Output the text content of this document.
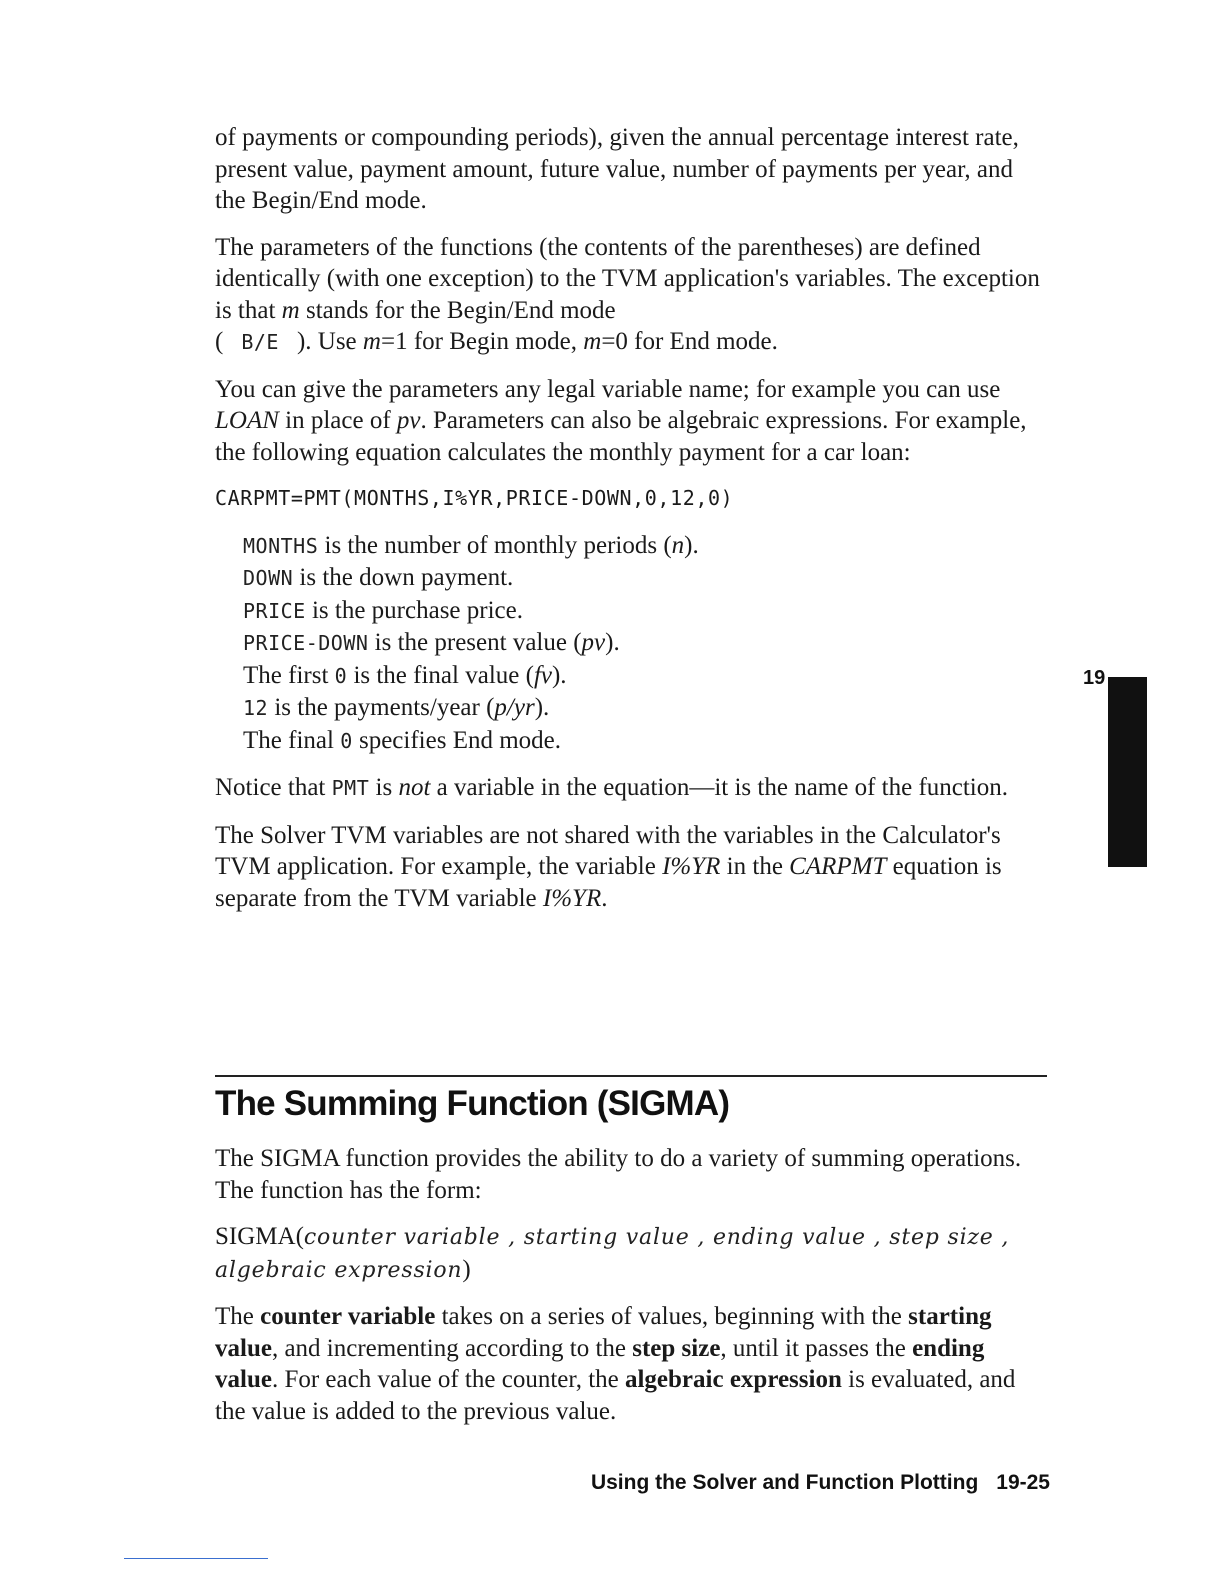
of payments or compounding periods), given the annual percentage interest rate, present value, payment amount, future value, number of payments per year, and the Begin/End mode.

The parameters of the functions (the contents of the parentheses) are defined identically (with one exception) to the TVM application's variables. The exception is that m stands for the Begin/End mode
( B/E ). Use m=1 for Begin mode, m=0 for End mode.

You can give the parameters any legal variable name; for example you can use LOAN in place of pv. Parameters can also be algebraic expressions. For example, the following equation calculates the monthly payment for a car loan:

CARPMT=PMT(MONTHS,I%YR,PRICE-DOWN,0,12,0)
MONTHS is the number of monthly periods (n).
DOWN is the down payment.
PRICE is the purchase price.
PRICE-DOWN is the present value (pv).
The first 0 is the final value (fv).
12 is the payments/year (p/yr).
The final 0 specifies End mode.

Notice that PMT is not a variable in the equation—it is the name of the function.

The Solver TVM variables are not shared with the variables in the Calculator's TVM application. For example, the variable I%YR in the CARPMT equation is separate from the TVM variable I%YR.

The Summing Function (SIGMA)

The SIGMA function provides the ability to do a variety of summing operations. The function has the form:

SIGMA(counter variable , starting value , ending value , step size , algebraic expression)

The counter variable takes on a series of values, beginning with the starting value, and incrementing according to the step size, until it passes the ending value. For each value of the counter, the algebraic expression is evaluated, and the value is added to the previous value.

19
Using the Solver and Function Plotting 19-25
